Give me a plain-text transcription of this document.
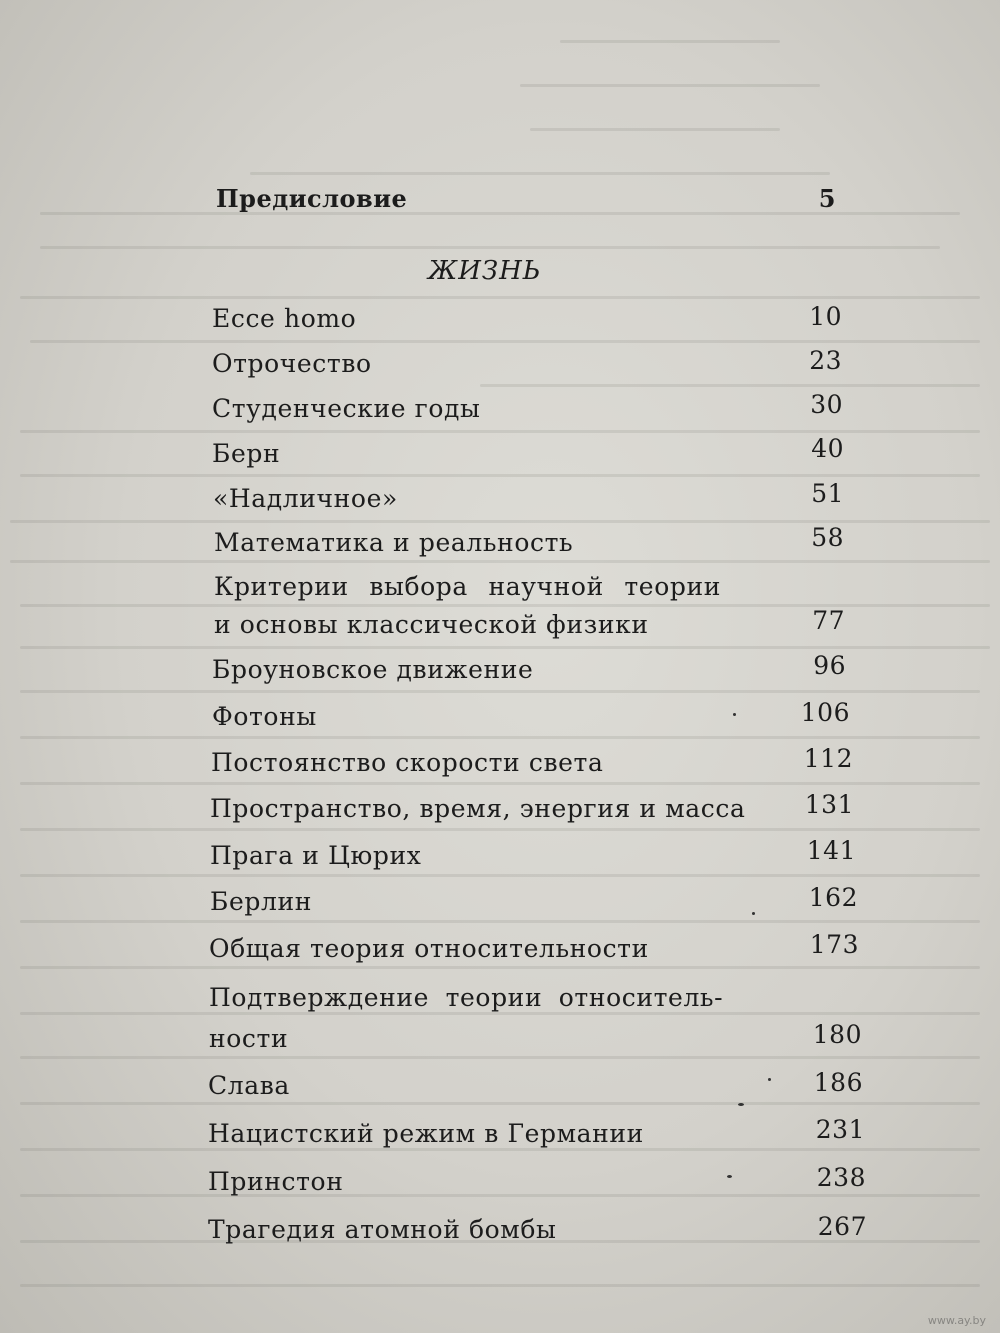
Предисловие	5
ЖИЗНЬ
Ecce homo	10
Отрочество	23
Студенческие годы	30
Берн	40
«Надличное»	51
Математика и реальность	58
Критерии выбора научной теории
и основы классической физики	77
Броуновское движение	96
Фотоны	106
Постоянство скорости света	112
Пространство, время, энергия и масса	131
Прага и Цюрих	141
Берлин	162
Общая теория относительности	173
Подтверждение теории относитель-
ности	180
Слава	186
Нацистский режим в Германии	231
Принстон	238
Трагедия атомной бомбы	267
www.ay.by
